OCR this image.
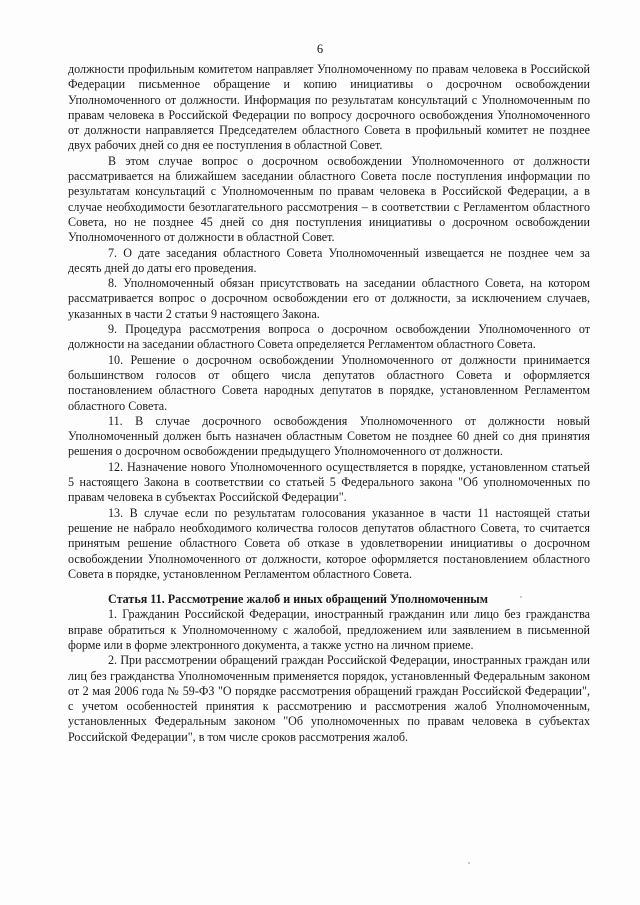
6

должности профильным комитетом направляет Уполномоченному по правам человека в Российской Федерации письменное обращение и копию инициативы о досрочном освобождении Уполномоченного от должности. Информация по результатам консультаций с Уполномоченным по правам человека в Российской Федерации по вопросу досрочного освобождения Уполномоченного от должности направляется Председателем областного Совета в профильный комитет не позднее двух рабочих дней со дня ее поступления в областной Совет.

В этом случае вопрос о досрочном освобождении Уполномоченного от должности рассматривается на ближайшем заседании областного Совета после поступления информации по результатам консультаций с Уполномоченным по правам человека в Российской Федерации, а в случае необходимости безотлагательного рассмотрения – в соответствии с Регламентом областного Совета, но не позднее 45 дней со дня поступления инициативы о досрочном освобождении Уполномоченного от должности в областной Совет.

7. О дате заседания областного Совета Уполномоченный извещается не позднее чем за десять дней до даты его проведения.

8. Уполномоченный обязан присутствовать на заседании областного Совета, на котором рассматривается вопрос о досрочном освобождении его от должности, за исключением случаев, указанных в части 2 статьи 9 настоящего Закона.

9. Процедура рассмотрения вопроса о досрочном освобождении Уполномоченного от должности на заседании областного Совета определяется Регламентом областного Совета.

10. Решение о досрочном освобождении Уполномоченного от должности принимается большинством голосов от общего числа депутатов областного Совета и оформляется постановлением областного Совета народных депутатов в порядке, установленном Регламентом областного Совета.

11. В случае досрочного освобождения Уполномоченного от должности новый Уполномоченный должен быть назначен областным Советом не позднее 60 дней со дня принятия решения о досрочном освобождении предыдущего Уполномоченного от должности.

12. Назначение нового Уполномоченного осуществляется в порядке, установленном статьей 5 настоящего Закона в соответствии со статьей 5 Федерального закона "Об уполномоченных по правам человека в субъектах Российской Федерации".

13. В случае если по результатам голосования указанное в части 11 настоящей статьи решение не набрало необходимого количества голосов депутатов областного Совета, то считается принятым решение областного Совета об отказе в удовлетворении инициативы о досрочном освобождении Уполномоченного от должности, которое оформляется постановлением областного Совета в порядке, установленном Регламентом областного Совета.

Статья 11. Рассмотрение жалоб и иных обращений Уполномоченным

1. Гражданин Российской Федерации, иностранный гражданин или лицо без гражданства вправе обратиться к Уполномоченному с жалобой, предложением или заявлением в письменной форме или в форме электронного документа, а также устно на личном приеме.

2. При рассмотрении обращений граждан Российской Федерации, иностранных граждан или лиц без гражданства Уполномоченным применяется порядок, установленный Федеральным законом от 2 мая 2006 года № 59-ФЗ "О порядке рассмотрения обращений граждан Российской Федерации", с учетом особенностей принятия к рассмотрению и рассмотрения жалоб Уполномоченным, установленных Федеральным законом "Об уполномоченных по правам человека в субъектах Российской Федерации", в том числе сроков рассмотрения жалоб.
